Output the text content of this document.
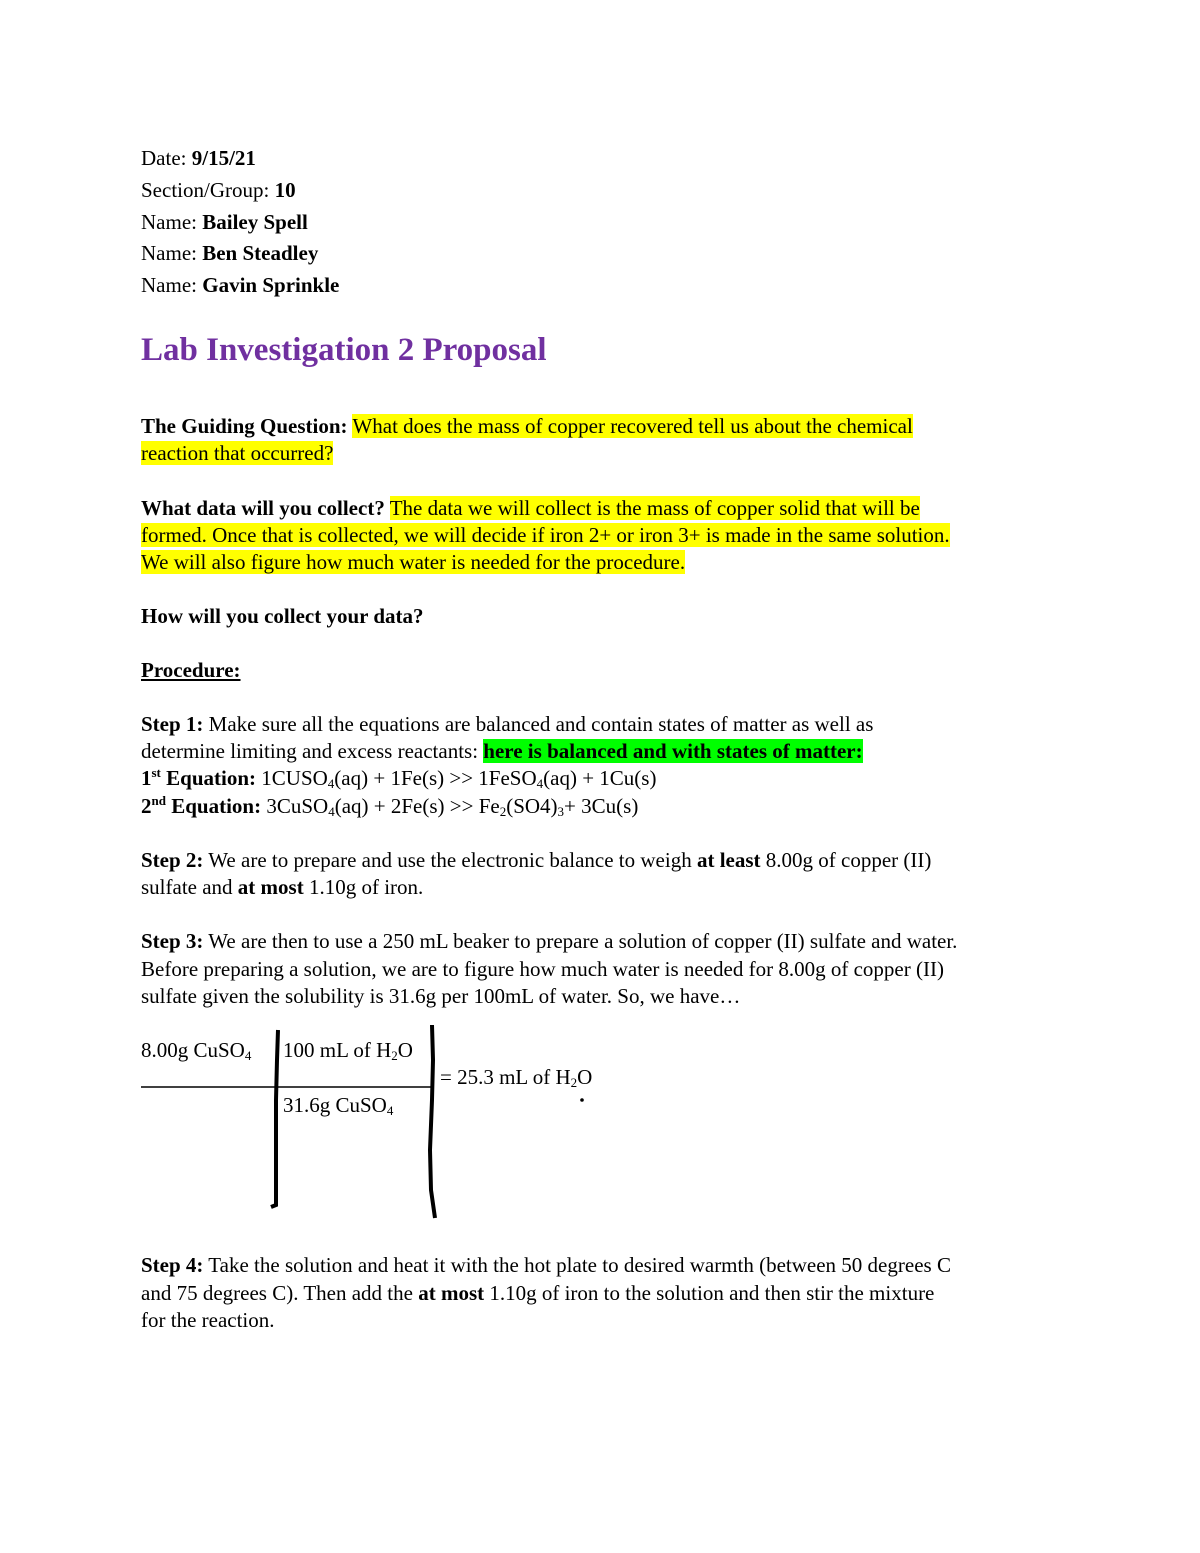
Date: 9/15/21
Section/Group: 10
Name: Bailey Spell
Name: Ben Steadley
Name: Gavin Sprinkle
Lab Investigation 2 Proposal
The Guiding Question: What does the mass of copper recovered tell us about the chemical
reaction that occurred?
What data will you collect? The data we will collect is the mass of copper solid that will be
formed. Once that is collected, we will decide if iron 2+ or iron 3+ is made in the same solution.
We will also figure how much water is needed for the procedure.
How will you collect your data?
Procedure:
Step 1: Make sure all the equations are balanced and contain states of matter as well as
determine limiting and excess reactants: here is balanced and with states of matter:
1st Equation: $1CUSO_4(aq) + 1Fe(s)$ >> 1FeSO$_4$(aq) + 1Cu(s)
2nd Equation: 3CuSO$_4$(aq) + $2Fe(s) >> Fe_2(SO4)_3+ 3Cu(s)$
Step 2: We are to prepare and use the electronic balance to weigh at least 8.00g of copper (II)
sulfate and at most 1.10g of iron.
Step 3: We are then to use a 250 mL beaker to prepare a solution of copper (II) sulfate and water.
Before preparing a solution, we are to figure how much water is needed for 8.00g of copper (II)
sulfate given the solubility is 31.6g per 100mL of water. So, we have…
8.00g CuSO$_4$ 100 mL of $H_2O$
31.6g CuSO$_4$
= 25.3 mL of $H_2O$
Step 4: Take the solution and heat it with the hot plate to desired warmth (between 50 degrees C
and 75 degrees C). Then add the at most 1.10g of iron to the solution and then stir the mixture
for the reaction.
